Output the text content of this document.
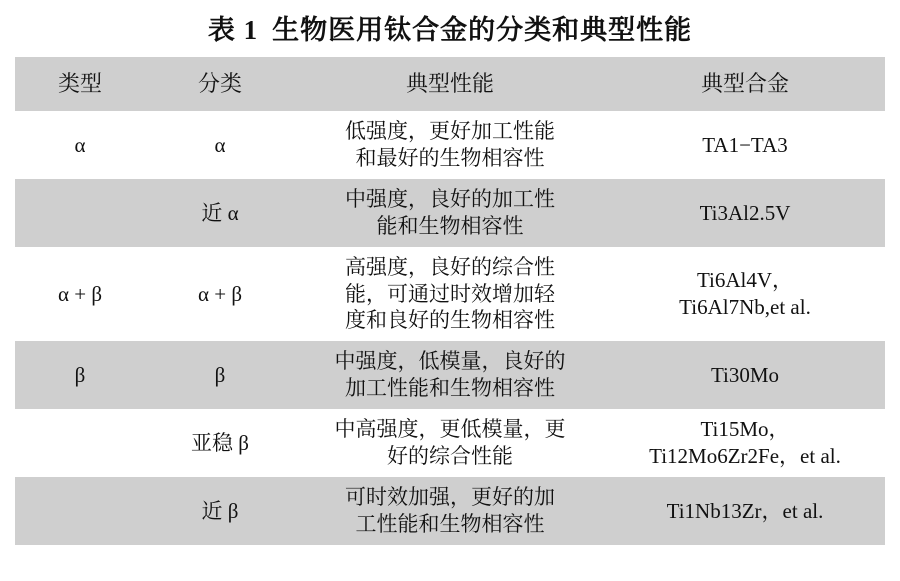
表 1 生物医用钛合金的分类和典型性能
类型	分类	典型性能	典型合金
α	α	低强度，更好加工性能
和最好的生物相容性	TA1−TA3

	近 α	中强度，良好的加工性
能和生物相容性	Ti3Al2.5V

α + β	α + β	高强度，良好的综合性
能，可通过时效增加轻
度和良好的生物相容性	Ti6Al4V，
Ti6Al7Nb,et al.

β	β	中强度，低模量，良好的
加工性能和生物相容性	Ti30Mo

	亚稳 β	中高强度，更低模量，更
好的综合性能	Ti15Mo，
Ti12Mo6Zr2Fe，et al.

	近 β	可时效加强，更好的加
工性能和生物相容性	Ti1Nb13Zr，et al.
